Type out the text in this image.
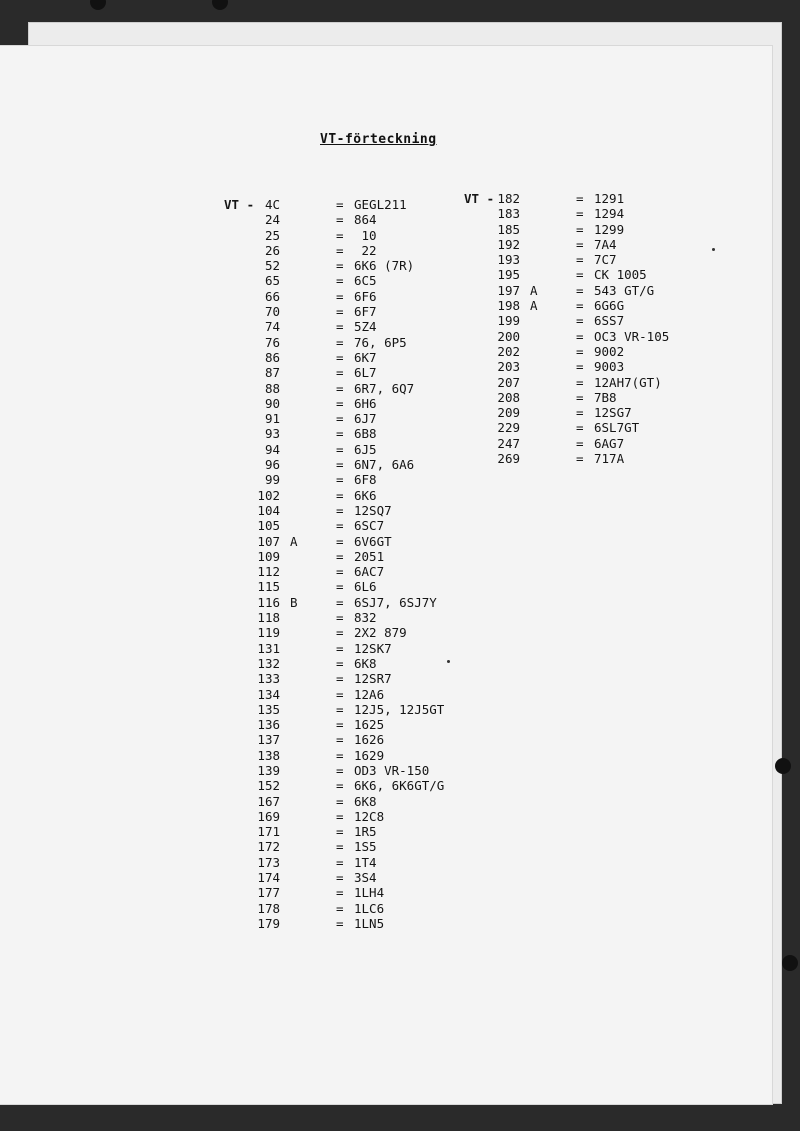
VT-förteckning
VT - 4C	= GEGL211
24	= 864
25	= 10
26	= 22
52	= 6K6 (7R)
65	= 6C5
66	= 6F6
70	= 6F7
74	= 5Z4
76	= 76, 6P5
86	= 6K7
87	= 6L7
88	= 6R7, 6Q7
90	= 6H6
91	= 6J7
93	= 6B8
94	= 6J5
96	= 6N7, 6A6
99	= 6F8
102	= 6K6
104	= 12SQ7
105	= 6SC7
107 A	= 6V6GT
109	= 2051
112	= 6AC7
115	= 6L6
116 B	= 6SJ7, 6SJ7Y
118	= 832
119	= 2X2 879
131	= 12SK7
132	= 6K8
133	= 12SR7
134	= 12A6
135	= 12J5, 12J5GT
136	= 1625
137	= 1626
138	= 1629
139	= OD3 VR-150
152	= 6K6, 6K6GT/G
167	= 6K8
169	= 12C8
171	= 1R5
172	= 1S5
173	= 1T4
174	= 3S4
177	= 1LH4
178	= 1LC6
179	= 1LN5
VT - 182	= 1291
183	= 1294
185	= 1299
192	= 7A4
193	= 7C7
195	= CK 1005
197 A	= 543 GT/G
198 A	= 6G6G
199	= 6SS7
200	= OC3 VR-105
202	= 9002
203	= 9003
207	= 12AH7(GT)
208	= 7B8
209	= 12SG7
229	= 6SL7GT
247	= 6AG7
269	= 717A
